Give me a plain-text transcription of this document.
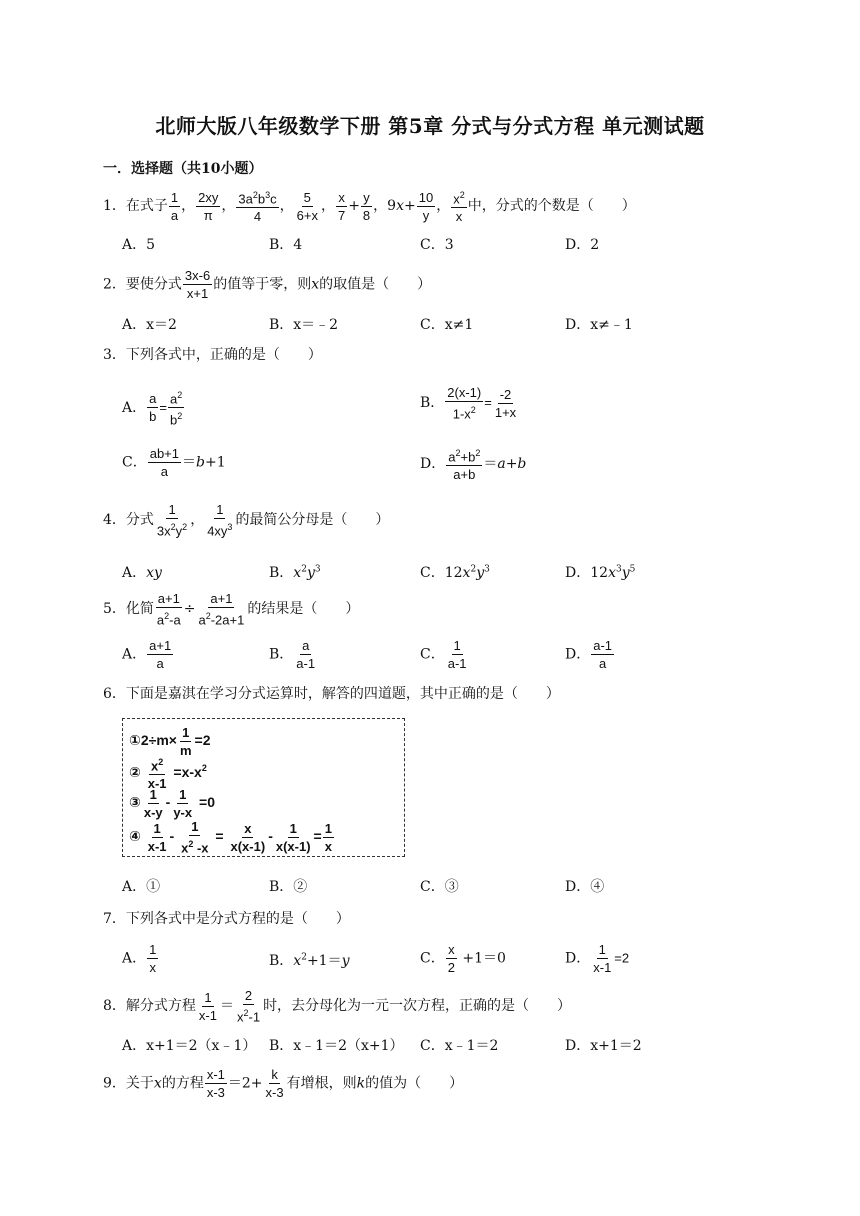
北师大版八年级数学下册 第5章 分式与分式方程 单元测试题
一．选择题（共10小题）
1．在式子 $\frac{1}{a}$ ， $\frac{2xy}{\pi}$ ， $\frac{3a^2b^3c}{4}$ ， $\frac{5}{6+x}$ ， $\frac{x}{7} + \frac{y}{8}$ ，$9x+ \frac{10}{y}$ ， $\frac{x^2}{x}$ 中，分式的个数是（　　）
A．5	B．4	C．3	D．2
2．要使分式 $\frac{3x-6}{x+1}$ 的值等于零，则x的取值是（　　）
A．x＝2	B．x＝﹣2	C．x≠1	D．x≠﹣1
3．下列各式中，正确的是（　　）
A． $\frac{a}{b} = \frac{a^2}{b^2}$	B． $\frac{2(x-1)}{1-x^2} = \frac{-2}{1+x}$
C． $\frac{ab+1}{a} =b+1$	D． $\frac{a^2+b^2}{a+b} =a+b$
4．分式 $\frac{1}{3x^2y^2}$ ， $\frac{1}{4xy^3}$ 的最简公分母是（　　）
A．xy	B．$x^2y^3$	C．$12x^2y^3$	D．$12x^3y^5$
5．化简 $\frac{a+1}{a^2-a} \div \frac{a+1}{a^2-2a+1}$ 的结果是（　　）
A． $\frac{a+1}{a}$	B． $\frac{a}{a-1}$	C． $\frac{1}{a-1}$	D． $\frac{a-1}{a}$
6．下面是嘉淇在学习分式运算时，解答的四道题，其中正确的是（　　）
①2÷m× $\frac{1}{m} =2$
② $\frac{x^2}{x-1} =x-x^2$
③ $\frac{1}{x-y} - \frac{1}{y-x} =0$
④ $\frac{1}{x-1} - \frac{1}{x^2 -x} = \frac{x}{x(x-1)} - \frac{1}{x(x-1)} = \frac{1}{x}$
A．①	B．②	C．③	D．④
7．下列各式中是分式方程的是（　　）
A． $\frac{1}{x}$	B．$x^2+1=y$	C． $\frac{x}{2} +1=0$	D． $\frac{1}{x-1} =2$
8．解分式方程 $\frac{1}{x-1} = \frac{2}{x^2-1}$ 时，去分母化为一元一次方程，正确的是（　　）
A．x+1＝2（x﹣1） B．x﹣1＝2（x+1） C．x﹣1＝2	D．x+1＝2
9．关于x的方程 $\frac{x-1}{x-3} =2+ \frac{k}{x-3}$ 有增根，则k的值为（　　）
